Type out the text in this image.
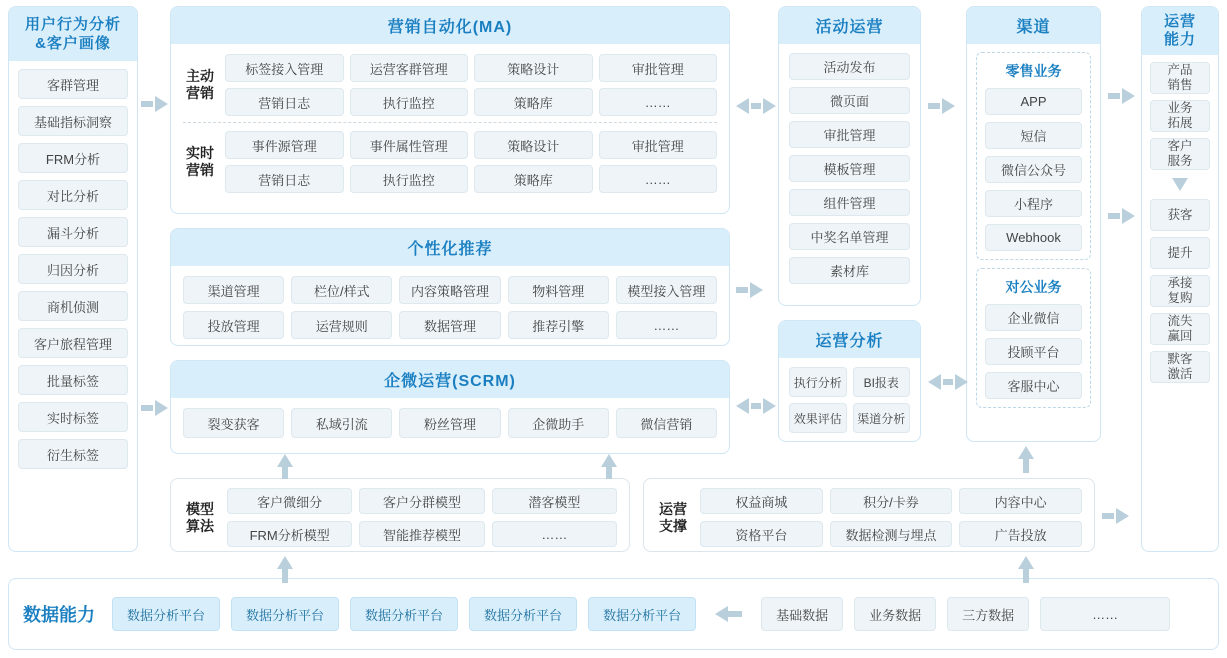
用户行为分析
&客户画像
客群管理
基础指标洞察
FRM分析
对比分析
漏斗分析
归因分析
商机侦测
客户旅程管理
批量标签
实时标签
衍生标签
营销自动化(MA)
主动
营销
标签接入管理	运营客群管理	策略设计	审批管理
营销日志	执行监控	策略库	……
实时
营销
事件源管理	事件属性管理	策略设计	审批管理
营销日志	执行监控	策略库	……
个性化推荐
渠道管理	栏位/样式	内容策略管理	物料管理	模型接入管理
投放管理	运营规则	数据管理	推荐引擎	……
企微运营(SCRM)
裂变获客	私域引流	粉丝管理	企微助手	微信营销
模型
算法
客户微细分	客户分群模型	潜客模型
FRM分析模型	智能推荐模型	……
运营
支撑
权益商城	积分/卡券	内容中心
资格平台	数据检测与埋点	广告投放
活动运营
活动发布
微页面
审批管理
模板管理
组件管理
中奖名单管理
素材库
运营分析
执行分析	BI报表
效果评估	渠道分析
渠道
零售业务
APP
短信
微信公众号
小程序
Webhook
对公业务
企业微信
投顾平台
客服中心
运营
能力
产品
销售
业务
拓展
客户
服务
获客
提升
承接
复购
流失
赢回
默客
激活
数据能力	数据分析平台	数据分析平台	数据分析平台	数据分析平台	数据分析平台	基础数据	业务数据	三方数据	……
